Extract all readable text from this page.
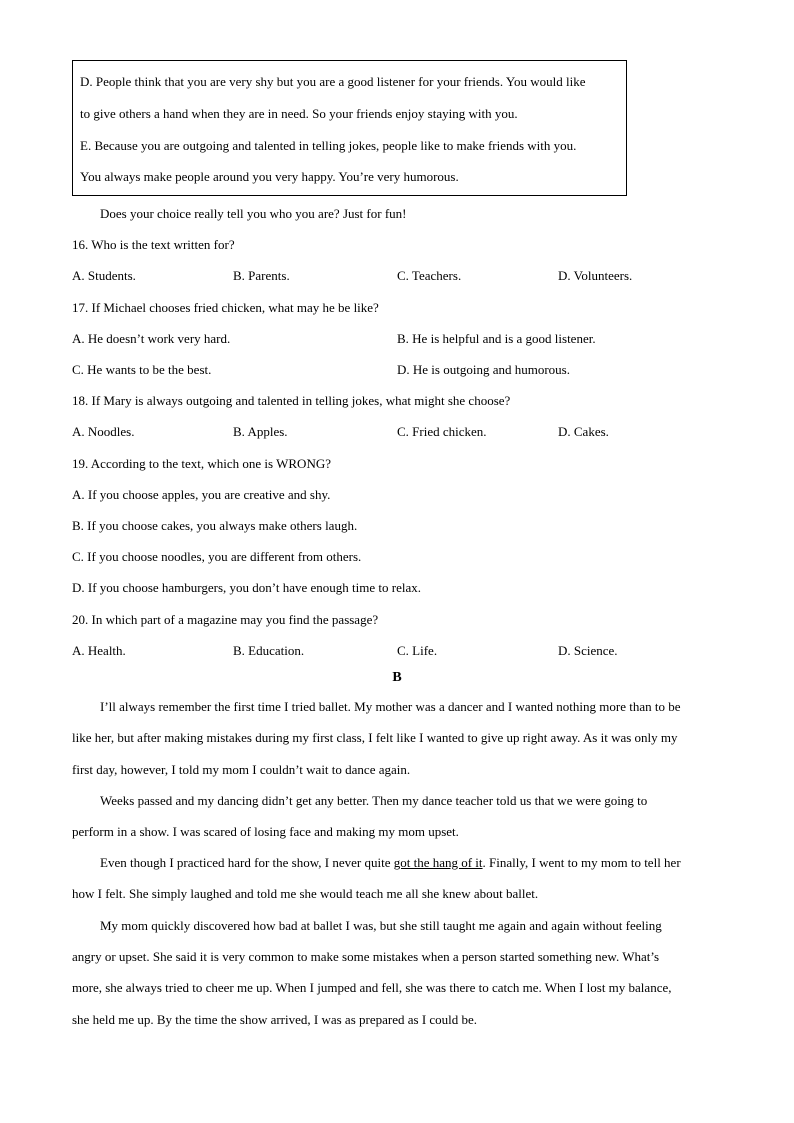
D. People think that you are very shy but you are a good listener for your friends. You would like
to give others a hand when they are in need. So your friends enjoy staying with you.
E. Because you are outgoing and talented in telling jokes, people like to make friends with you.
You always make people around you very happy. You’re very humorous.
Does your choice really tell you who you are? Just for fun!
16. Who is the text written for?
A. Students.	B. Parents.	C. Teachers.	D. Volunteers.
17. If Michael chooses fried chicken, what may he be like?
A. He doesn’t work very hard.	B. He is helpful and is a good listener.
C. He wants to be the best.	D. He is outgoing and humorous.
18. If Mary is always outgoing and talented in telling jokes, what might she choose?
A. Noodles.	B. Apples.	C. Fried chicken.	D. Cakes.
19. According to the text, which one is WRONG?
A. If you choose apples, you are creative and shy.
B. If you choose cakes, you always make others laugh.
C. If you choose noodles, you are different from others.
D. If you choose hamburgers, you don’t have enough time to relax.
20. In which part of a magazine may you find the passage?
A. Health.	B. Education.	C. Life.	D. Science.
B
I’ll always remember the first time I tried ballet. My mother was a dancer and I wanted nothing more than to be
like her, but after making mistakes during my first class, I felt like I wanted to give up right away. As it was only my
first day, however, I told my mom I couldn’t wait to dance again.
Weeks passed and my dancing didn’t get any better. Then my dance teacher told us that we were going to
perform in a show. I was scared of losing face and making my mom upset.
Even though I practiced hard for the show, I never quite got the hang of it. Finally, I went to my mom to tell her
how I felt. She simply laughed and told me she would teach me all she knew about ballet.
My mom quickly discovered how bad at ballet I was, but she still taught me again and again without feeling
angry or upset. She said it is very common to make some mistakes when a person started something new. What’s
more, she always tried to cheer me up. When I jumped and fell, she was there to catch me. When I lost my balance,
she held me up. By the time the show arrived, I was as prepared as I could be.
